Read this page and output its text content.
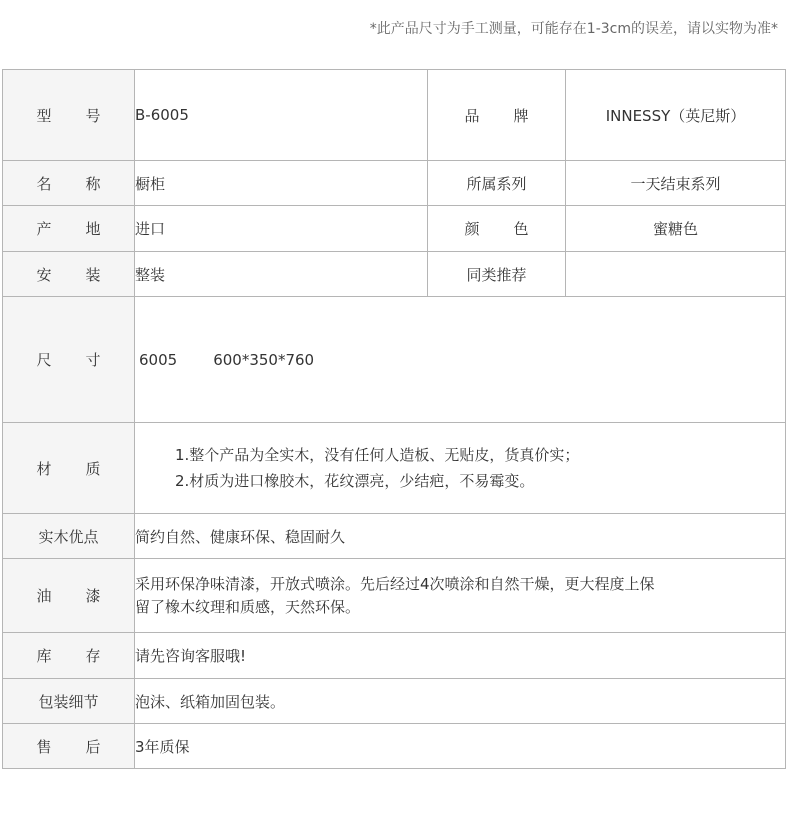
*此产品尺寸为手工测量，可能存在1-3cm的误差，请以实物为准*
型 号	B-6005	品 牌	INNESSY（英尼斯）
名 称	橱柜	所属系列	一天结束系列
产 地	进口	颜 色	蜜糖色
安 装	整装	同类推荐	
尺 寸	6005 600*350*760		
材 质	1.整个产品为全实木，没有任何人造板、无贴皮，货真价实；
2.材质为进口橡胶木，花纹漂亮，少结疤，不易霉变。		

实木优点	简约自然、健康环保、稳固耐久		
油 漆	采用环保净味清漆，开放式喷涂。先后经过4次喷涂和自然干燥，更大程度上保
留了橡木纹理和质感，天然环保。		

库 存	请先咨询客服哦!		
包装细节	泡沫、纸箱加固包装。		
售 后	3年质保		
